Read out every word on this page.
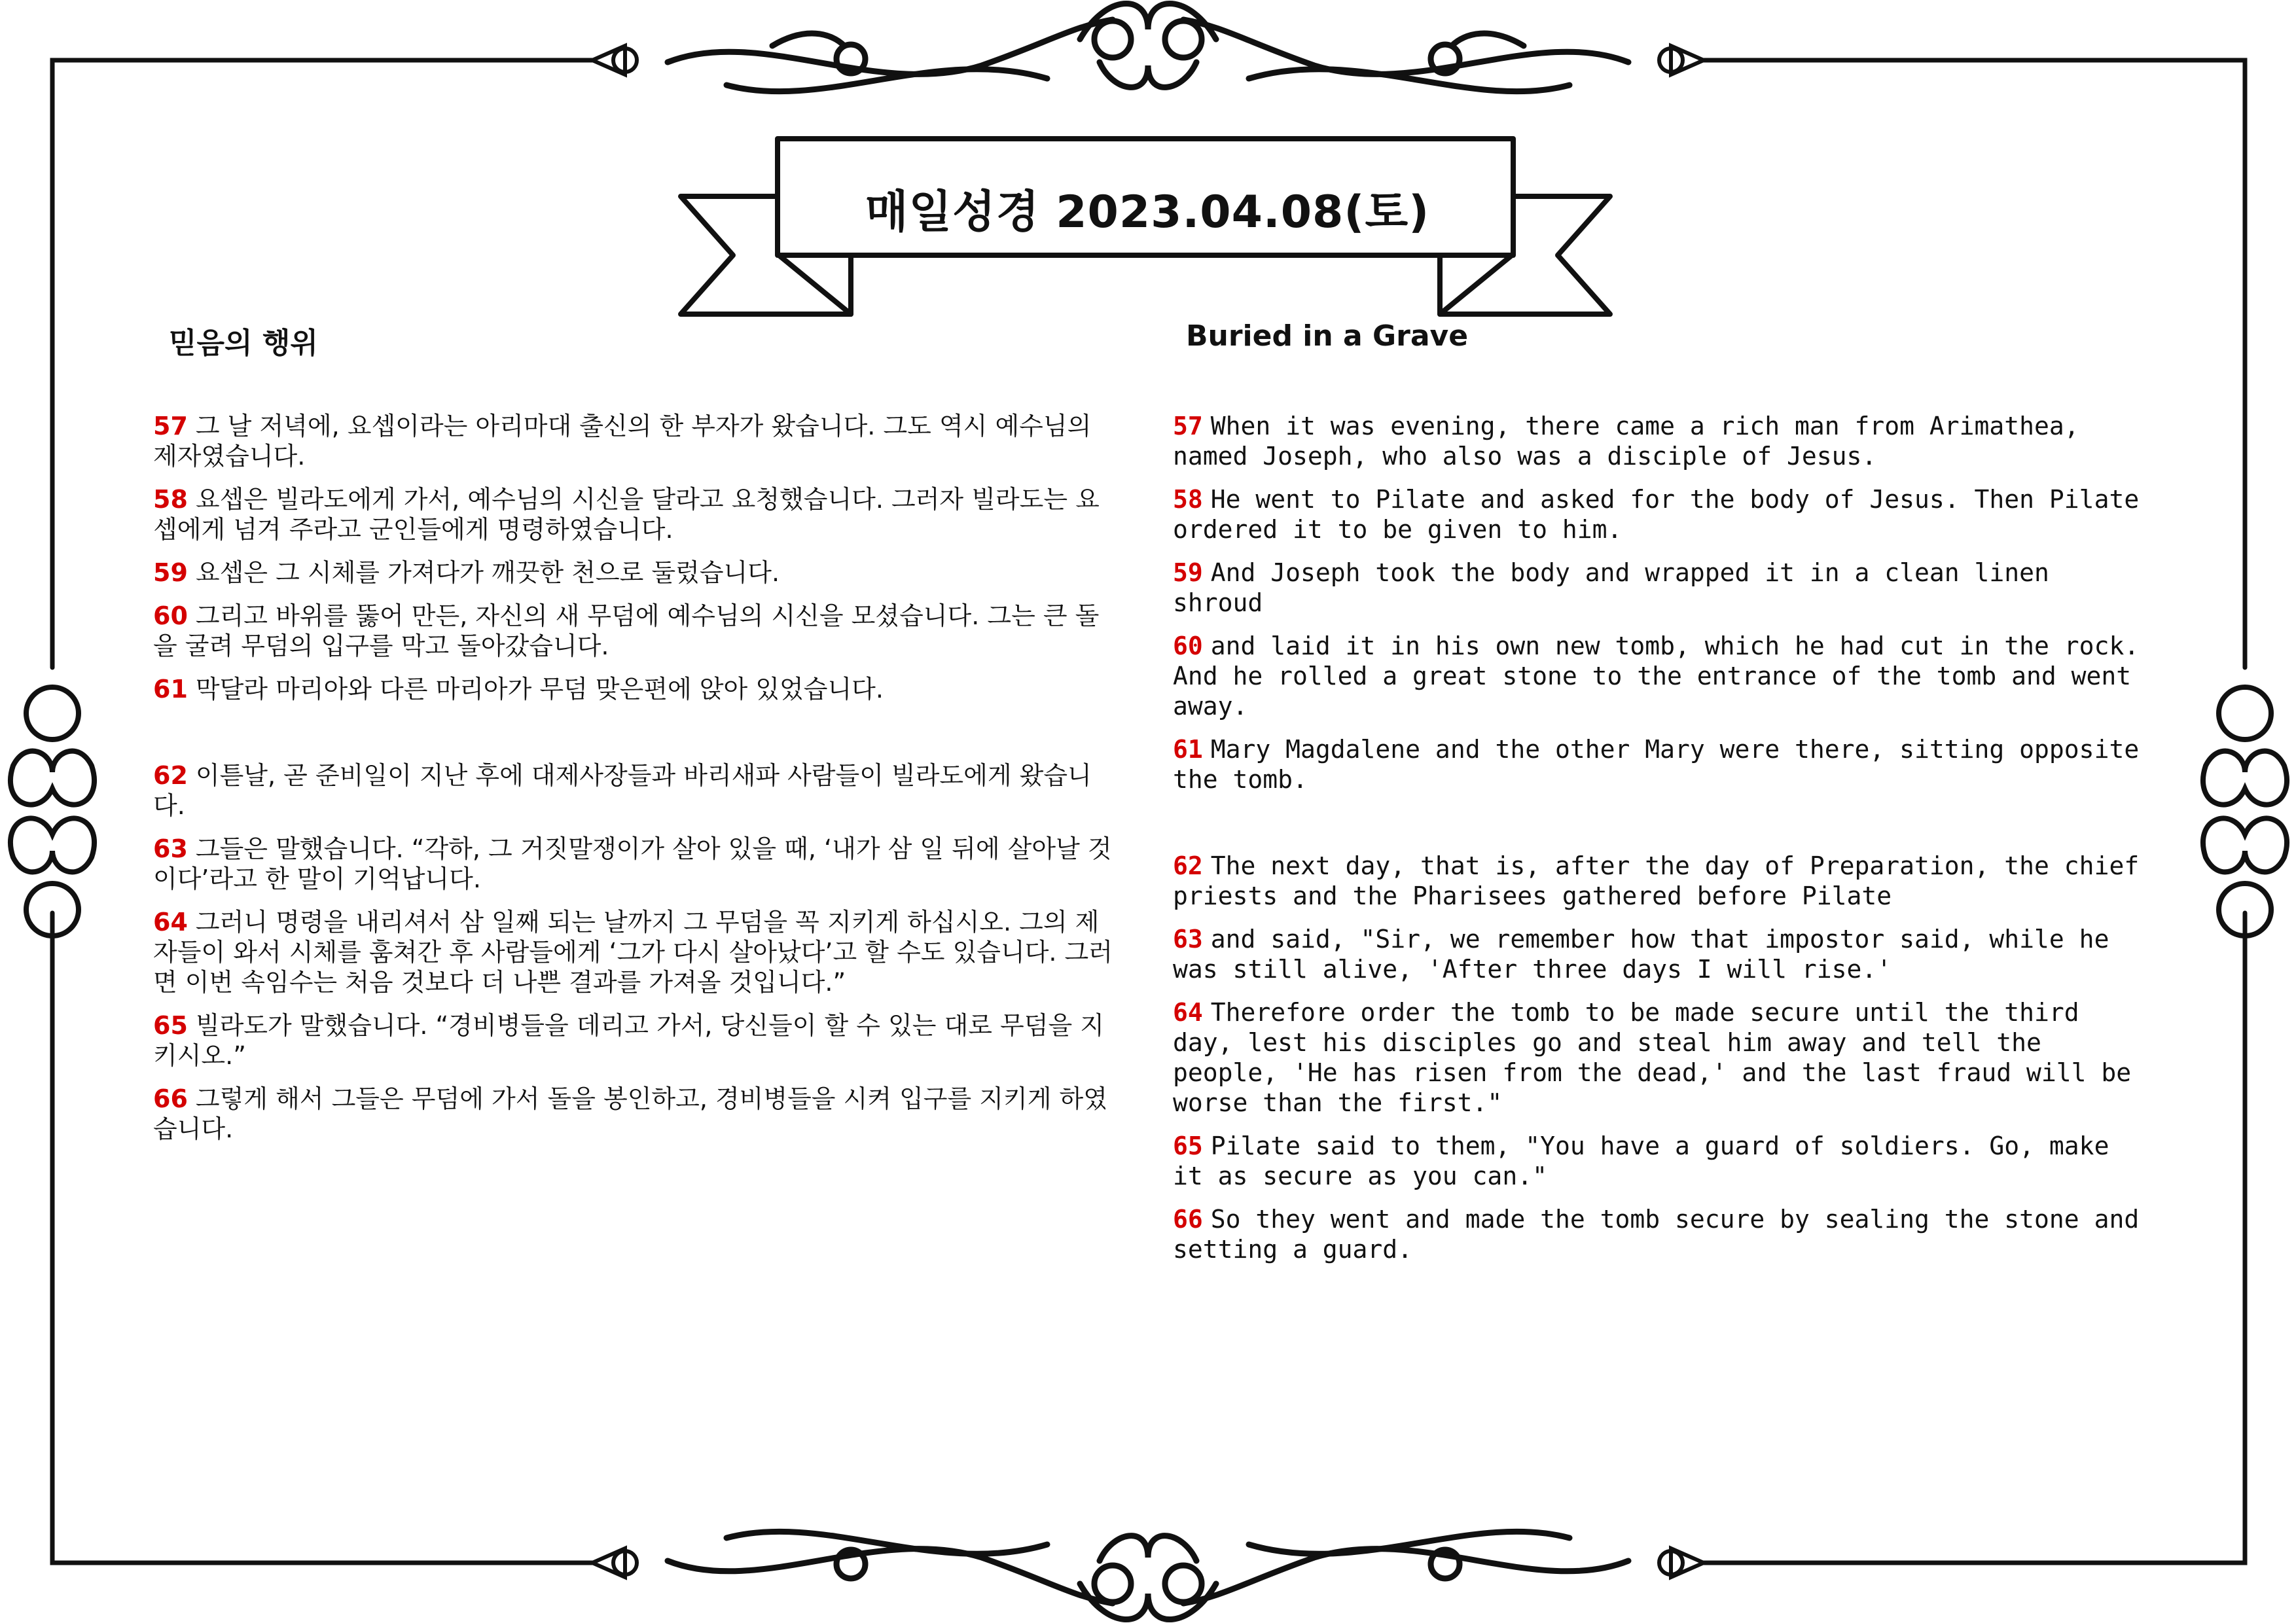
매일성경 2023.04.08(토)
믿음의 행위	Buried in a Grave
57 그 날 저녁에, 요셉이라는 아리마대 출신의 한 부자가 왔습니다. 그도 역시 예수님의 제자였습니다.
58 요셉은 빌라도에게 가서, 예수님의 시신을 달라고 요청했습니다. 그러자 빌라도는 요셉에게 넘겨 주라고 군인들에게 명령하였습니다.
59 요셉은 그 시체를 가져다가 깨끗한 천으로 둘렀습니다.
60 그리고 바위를 뚫어 만든, 자신의 새 무덤에 예수님의 시신을 모셨습니다. 그는 큰 돌을 굴려 무덤의 입구를 막고 돌아갔습니다.
61 막달라 마리아와 다른 마리아가 무덤 맞은편에 앉아 있었습니다.
62 이튿날, 곧 준비일이 지난 후에 대제사장들과 바리새파 사람들이 빌라도에게 왔습니다.
63 그들은 말했습니다. “각하, 그 거짓말쟁이가 살아 있을 때, ‘내가 삼 일 뒤에 살아날 것이다’라고 한 말이 기억납니다.
64 그러니 명령을 내리셔서 삼 일째 되는 날까지 그 무덤을 꼭 지키게 하십시오. 그의 제자들이 와서 시체를 훔쳐간 후 사람들에게 ‘그가 다시 살아났다’고 할 수도 있습니다. 그러면 이번 속임수는 처음 것보다 더 나쁜 결과를 가져올 것입니다.”
65 빌라도가 말했습니다. “경비병들을 데리고 가서, 당신들이 할 수 있는 대로 무덤을 지키시오.”
66 그렇게 해서 그들은 무덤에 가서 돌을 봉인하고, 경비병들을 시켜 입구를 지키게 하였습니다.
57 When it was evening, there came a rich man from Arimathea, named Joseph, who also was a disciple of Jesus.
58 He went to Pilate and asked for the body of Jesus. Then Pilate ordered it to be given to him.
59 And Joseph took the body and wrapped it in a clean linen shroud
60 and laid it in his own new tomb, which he had cut in the rock. And he rolled a great stone to the entrance of the tomb and went away.
61 Mary Magdalene and the other Mary were there, sitting opposite the tomb.
62 The next day, that is, after the day of Preparation, the chief priests and the Pharisees gathered before Pilate
63 and said, "Sir, we remember how that impostor said, while he was still alive, 'After three days I will rise.'
64 Therefore order the tomb to be made secure until the third day, lest his disciples go and steal him away and tell the people, 'He has risen from the dead,' and the last fraud will be worse than the first."
65 Pilate said to them, "You have a guard of soldiers. Go, make it as secure as you can."
66 So they went and made the tomb secure by sealing the stone and setting a guard.
